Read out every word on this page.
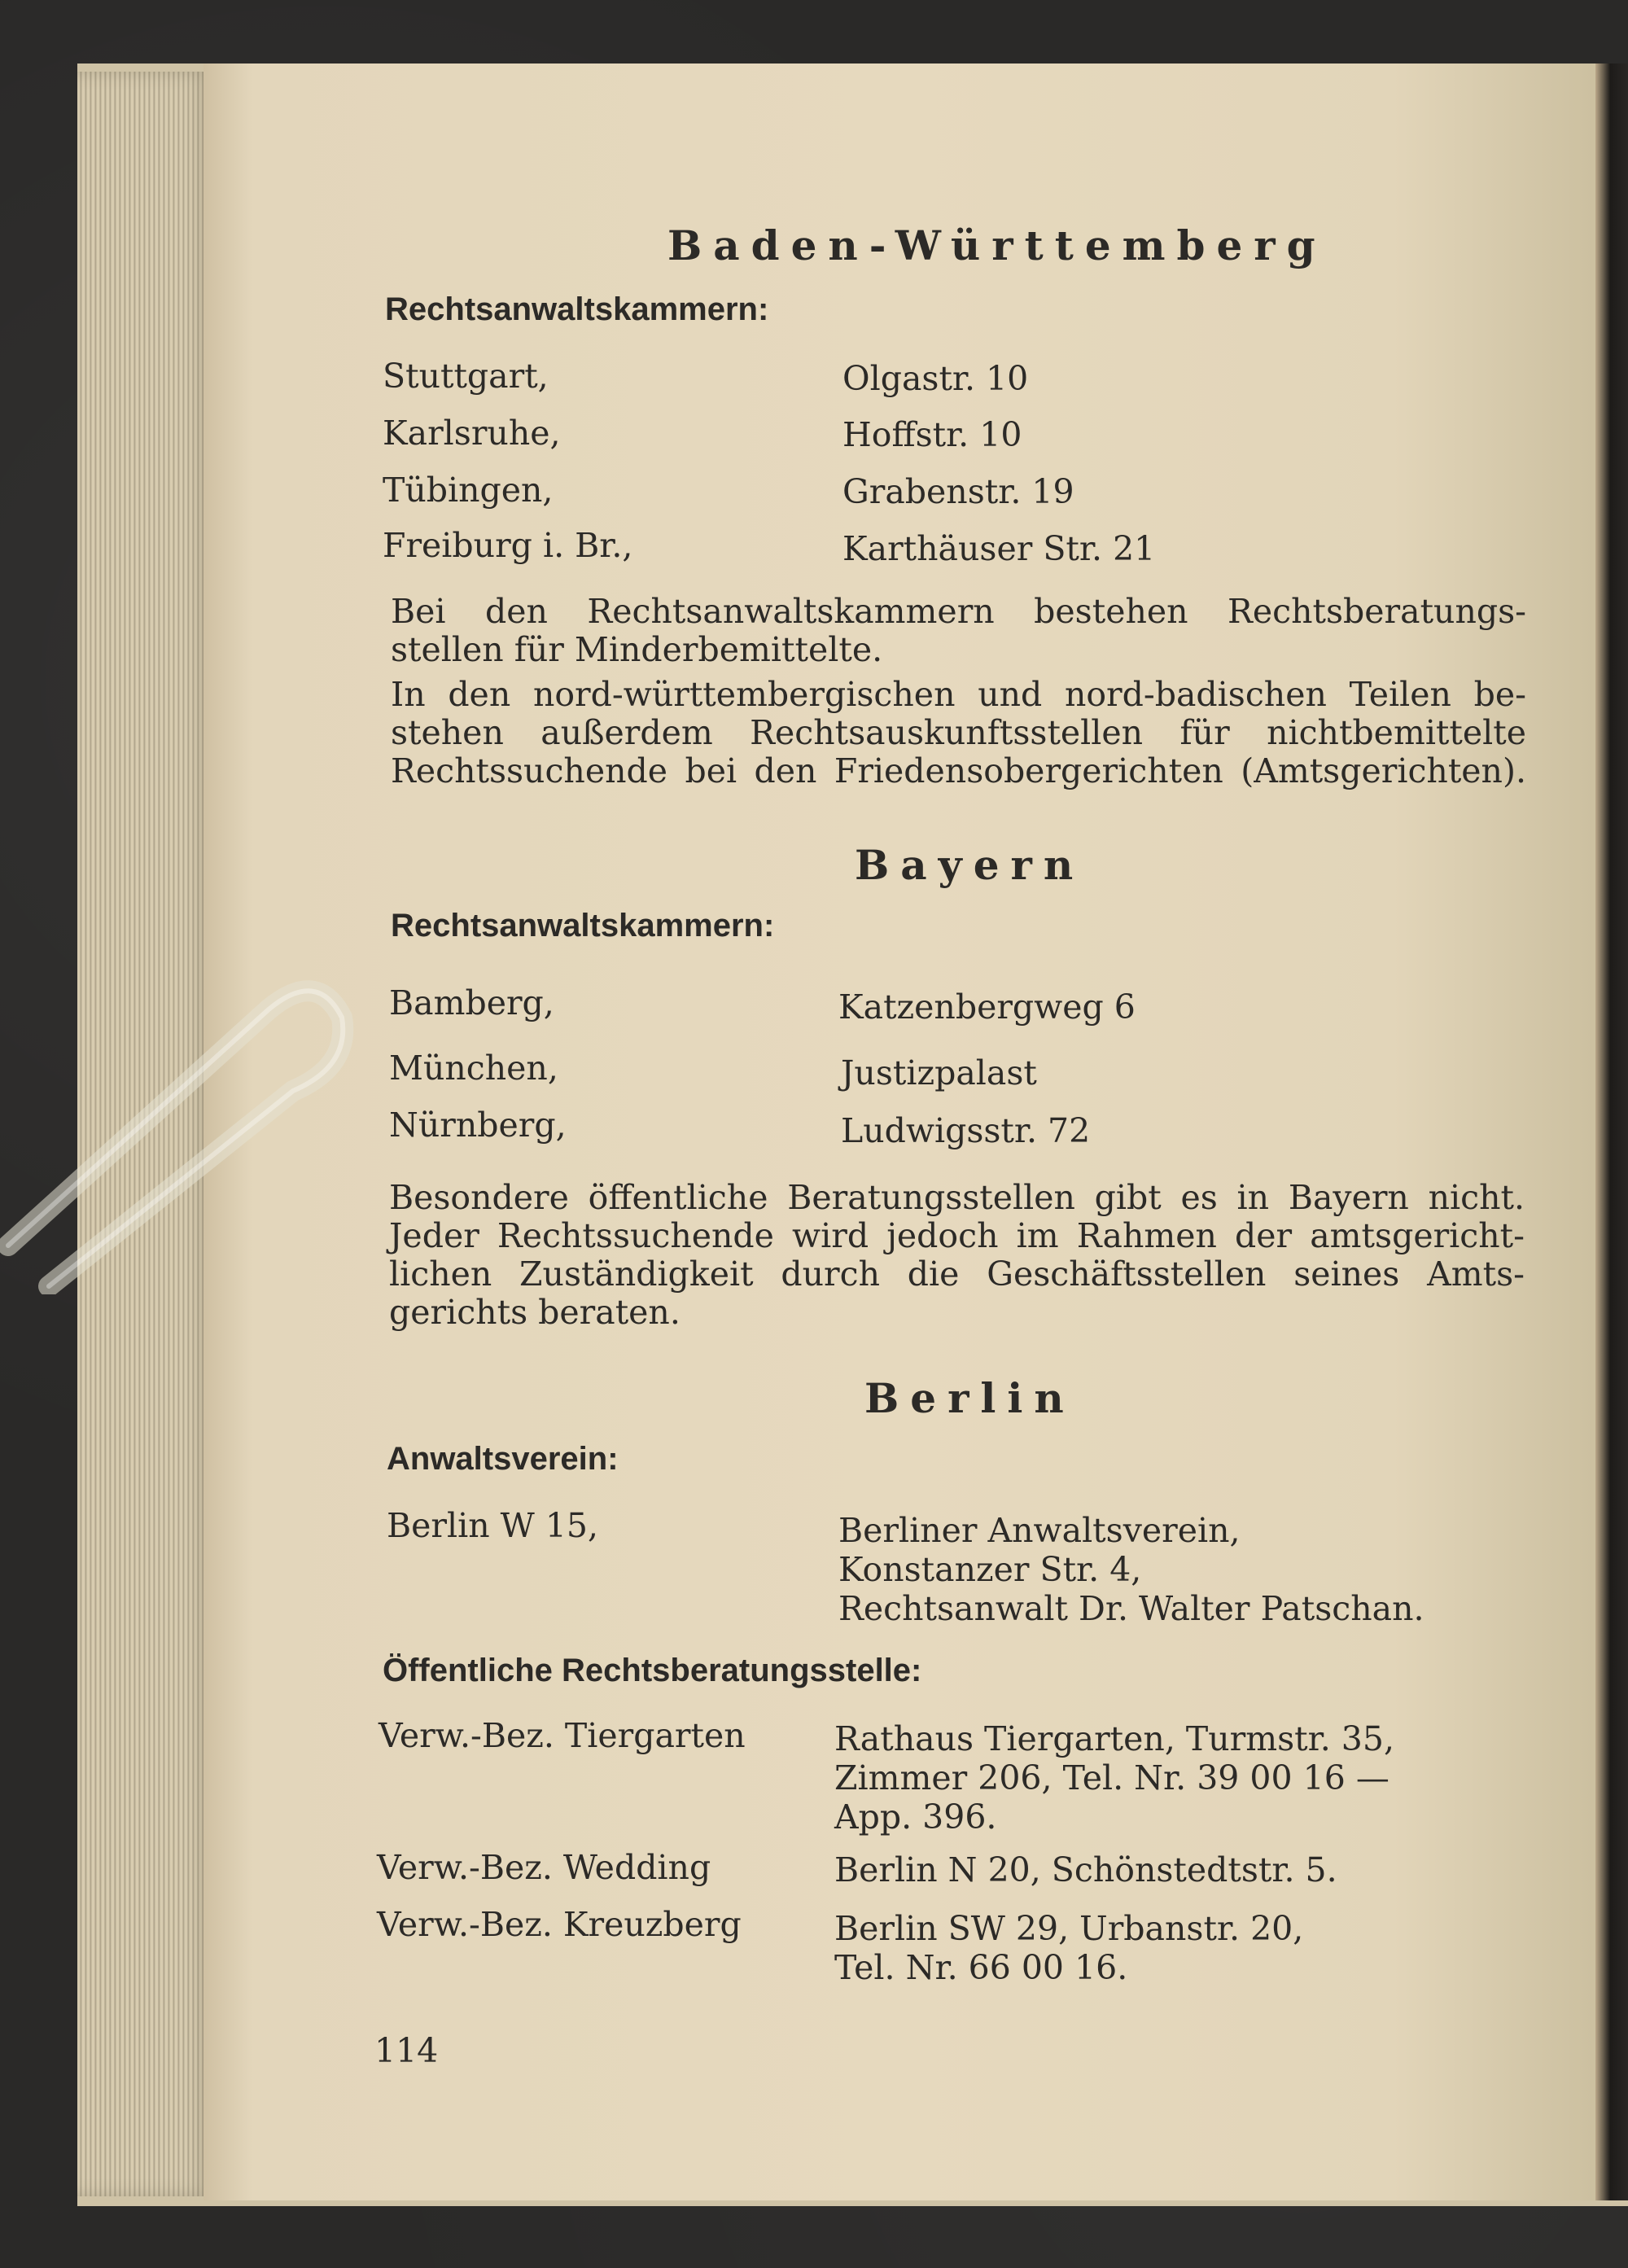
Baden-Württemberg
Rechtsanwaltskammern:
Stuttgart,	Olgastr. 10
Karlsruhe,	Hoffstr. 10
Tübingen,	Grabenstr. 19
Freiburg i. Br.,	Karthäuser Str. 21
Bei den Rechtsanwaltskammern bestehen Rechtsberatungs-
stellen für Minderbemittelte.
In den nord-württembergischen und nord-badischen Teilen be-
stehen außerdem Rechtsauskunftsstellen für nichtbemittelte
Rechtssuchende bei den Friedensobergerichten (Amtsgerichten).
Bayern
Rechtsanwaltskammern:
Bamberg,	Katzenbergweg 6
München,	Justizpalast
Nürnberg,	Ludwigsstr. 72
Besondere öffentliche Beratungsstellen gibt es in Bayern nicht.
Jeder Rechtssuchende wird jedoch im Rahmen der amtsgericht-
lichen Zuständigkeit durch die Geschäftsstellen seines Amts-
gerichts beraten.
Berlin
Anwaltsverein:
Berlin W 15,	Berliner Anwaltsverein,
Konstanzer Str. 4,
Rechtsanwalt Dr. Walter Patschan.
Öffentliche Rechtsberatungsstelle:
Verw.-Bez. Tiergarten	Rathaus Tiergarten, Turmstr. 35,
Zimmer 206, Tel. Nr. 39 00 16 —
App. 396.
Verw.-Bez. Wedding	Berlin N 20, Schönstedtstr. 5.
Verw.-Bez. Kreuzberg	Berlin SW 29, Urbanstr. 20,
Tel. Nr. 66 00 16.
114
